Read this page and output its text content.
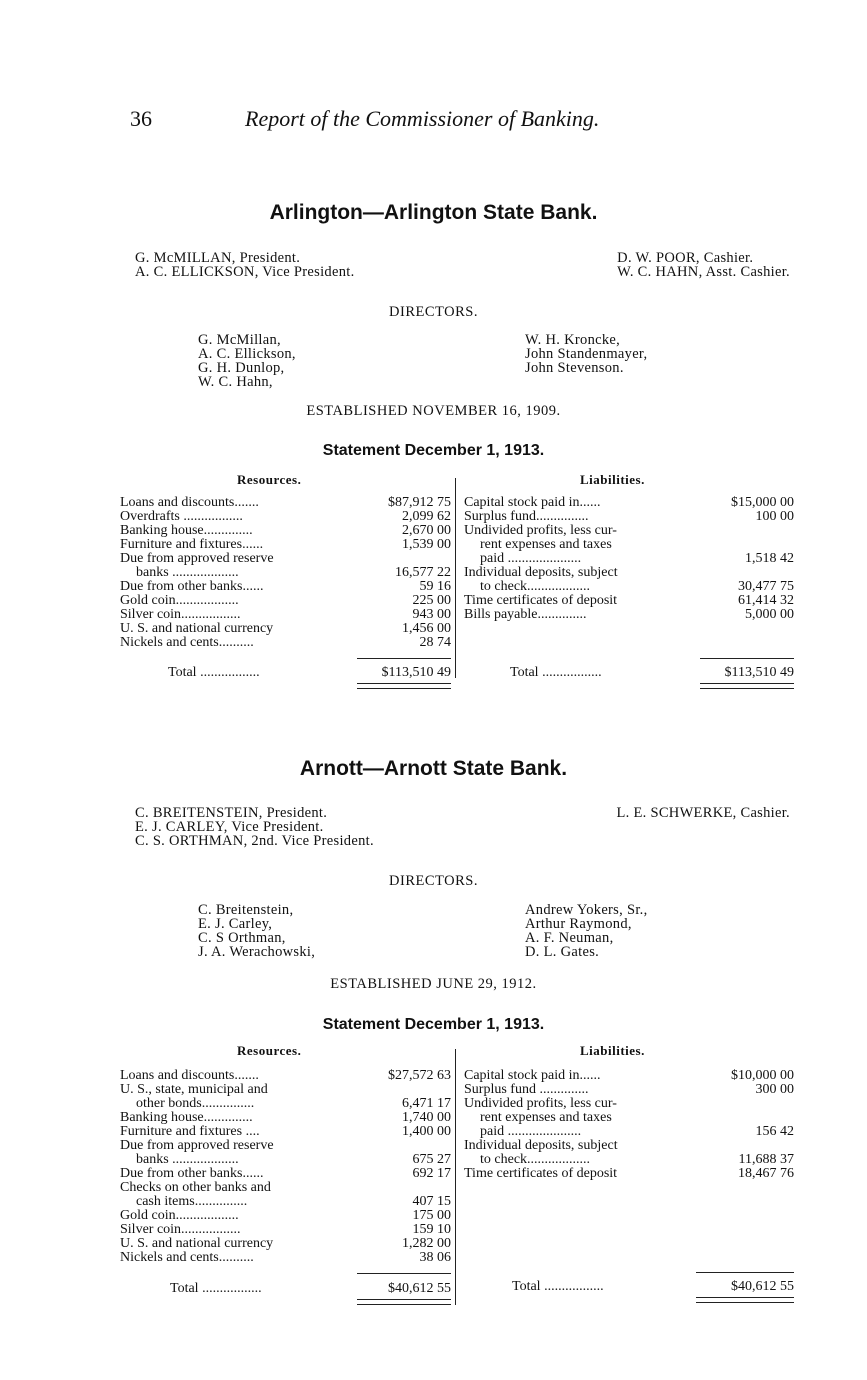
36	Report of the Commissioner of Banking.
Arlington—Arlington State Bank.
G. McMILLAN, President.
A. C. ELLICKSON, Vice President.
D. W. POOR, Cashier.
W. C. HAHN, Asst. Cashier.
DIRECTORS.
G. McMillan,
A. C. Ellickson,
G. H. Dunlop,
W. C. Hahn,
W. H. Kroncke,
John Standenmayer,
John Stevenson.
ESTABLISHED NOVEMBER 16, 1909.
Statement December 1, 1913.
Resources.	Liabilities.
Loans and discounts.......	$87,912 75
Overdrafts .................	2,099 62
Banking house..............	2,670 00
Furniture and fixtures......	1,539 00
Due from approved reserve
banks ...................	16,577 22
Due from other banks......	59 16
Gold coin..................	225 00
Silver coin.................	943 00
U. S. and national currency	1,456 00
Nickels and cents..........	28 74
Capital stock paid in......	$15,000 00
Surplus fund...............	100 00
Undivided profits, less cur-
rent expenses and taxes
paid .....................	1,518 42
Individual deposits, subject
to check..................	30,477 75
Time certificates of deposit	61,414 32
Bills payable..............	5,000 00
Total .................	$113,510 49	Total .................	$113,510 49
Arnott—Arnott State Bank.
C. BREITENSTEIN, President.
E. J. CARLEY, Vice President.
C. S. ORTHMAN, 2nd. Vice President.
L. E. SCHWERKE, Cashier.
DIRECTORS.
C. Breitenstein,
E. J. Carley,
C. S Orthman,
J. A. Werachowski,
Andrew Yokers, Sr.,
Arthur Raymond,
A. F. Neuman,
D. L. Gates.
ESTABLISHED JUNE 29, 1912.
Statement December 1, 1913.
Resources.	Liabilities.
Loans and discounts.......	$27,572 63
U. S., state, municipal and
other bonds...............	6,471 17
Banking house..............	1,740 00
Furniture and fixtures ....	1,400 00
Due from approved reserve
banks ...................	675 27
Due from other banks......	692 17
Checks on other banks and
cash items...............	407 15
Gold coin..................	175 00
Silver coin.................	159 10
U. S. and national currency	1,282 00
Nickels and cents..........	38 06
Capital stock paid in......	$10,000 00
Surplus fund ..............	300 00
Undivided profits, less cur-
rent expenses and taxes
paid .....................	156 42
Individual deposits, subject
to check..................	11,688 37
Time certificates of deposit	18,467 76
Total .................	$40,612 55	Total .................	$40,612 55
